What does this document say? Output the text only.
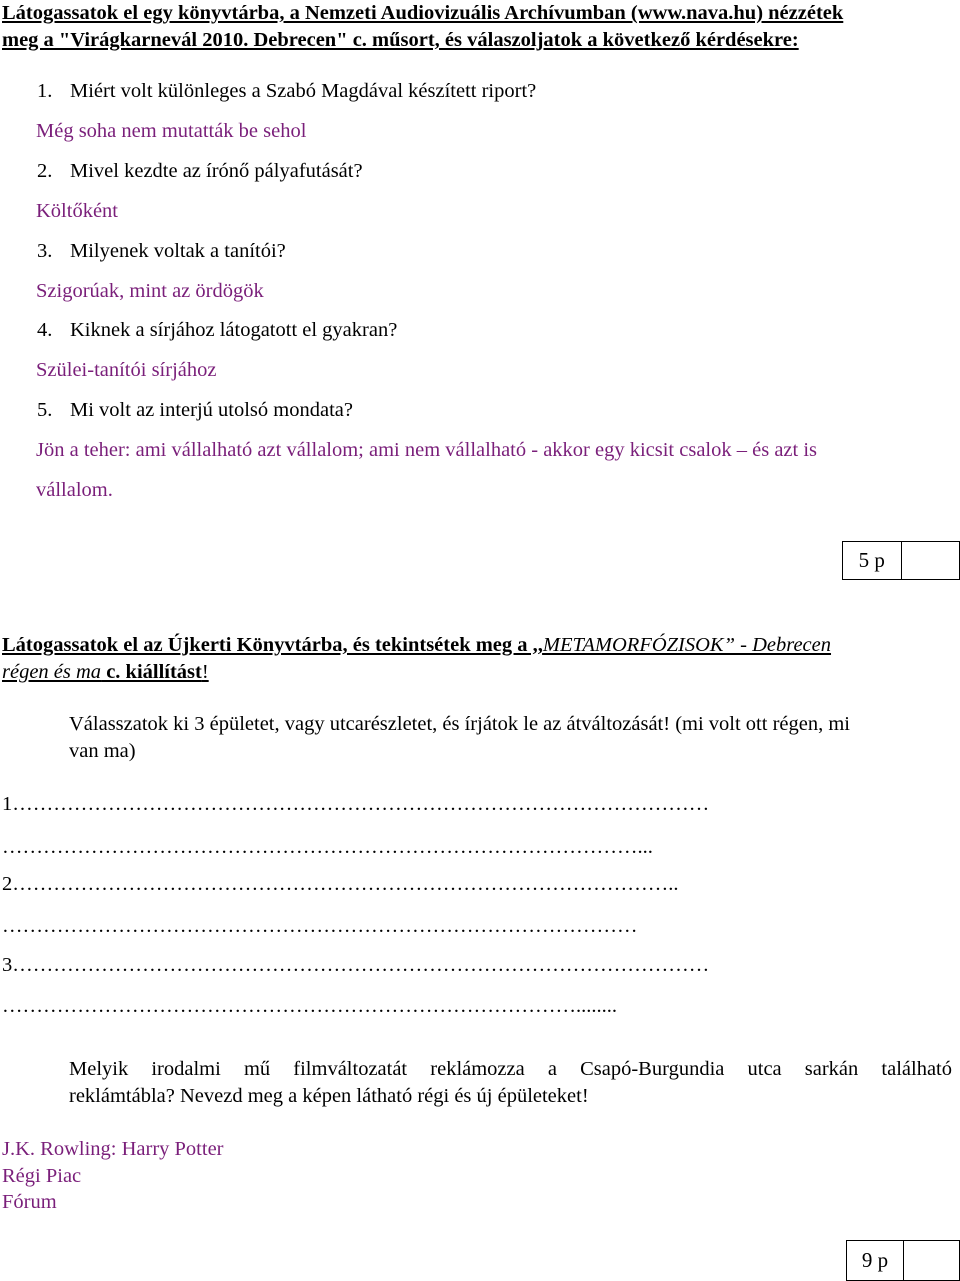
Látogassatok el egy könyvtárba, a Nemzeti Audiovizuális Archívumban (www.nava.hu) nézzétek
meg a "Virágkarnevál 2010. Debrecen" c. műsort, és válaszoljatok a következő kérdésekre:
1. Miért volt különleges a Szabó Magdával készített riport?
Még soha nem mutatták be sehol
2. Mivel kezdte az írónő pályafutását?
Költőként
3. Milyenek voltak a tanítói?
Szigorúak, mint az ördögök
4. Kiknek a sírjához látogatott el gyakran?
Szülei-tanítói sírjához
5. Mi volt az interjú utolsó mondata?
Jön a teher: ami vállalható azt vállalom; ami nem vállalható - akkor egy kicsit csalok – és azt is
vállalom.
5 p
Látogassatok el az Újkerti Könyvtárba, és tekintsétek meg a ,,METAMORFÓZISOK” - Debrecen
régen és ma c. kiállítást!
Válasszatok ki 3 épületet, vagy utcarészletet, és írjátok le az átváltozását! (mi volt ott régen, mi
van ma)
1…………………………………………………………………………………………
…………………………………………………………………………………...
2……………………………………………………………………………………..
…………………………………………………………………………………
3…………………………………………………………………………………………
…………………………………………………………………………........
Melyik irodalmi mű filmváltozatát reklámozza a Csapó-Burgundia utca sarkán található
reklámtábla? Nevezd meg a képen látható régi és új épületeket!
J.K. Rowling: Harry Potter
Régi Piac
Fórum
9 p
